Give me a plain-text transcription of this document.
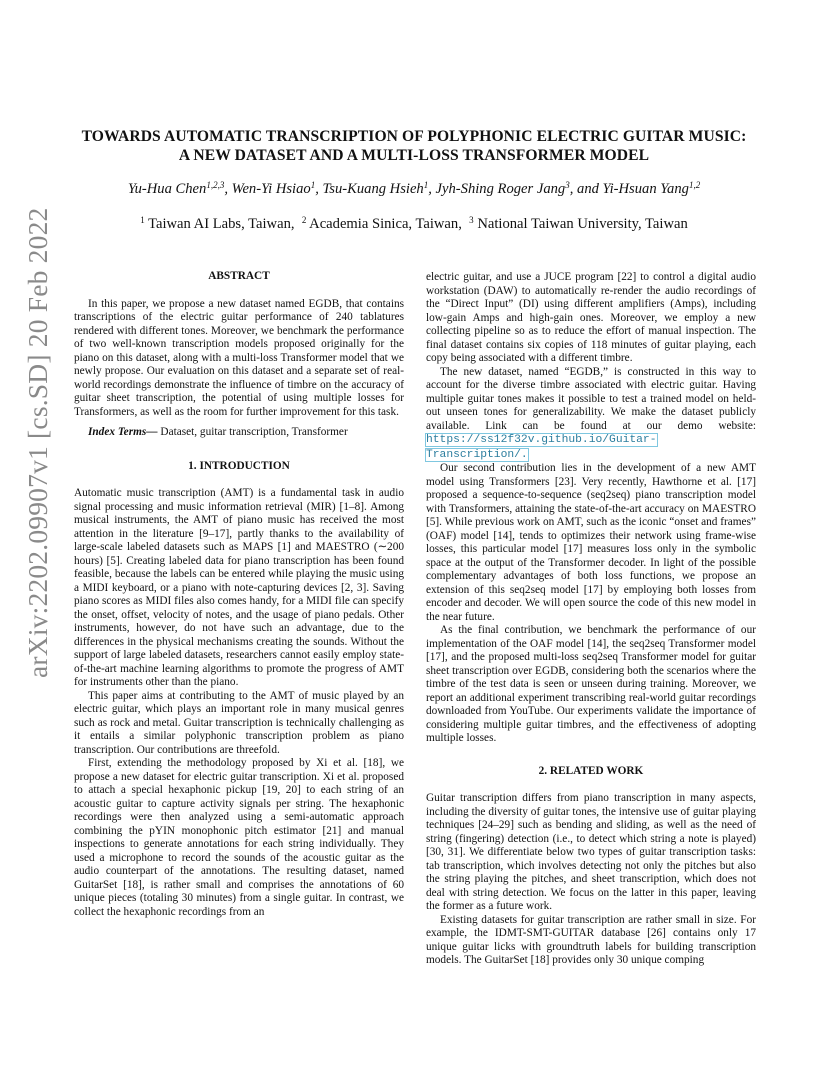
arXiv:2202.09907v1 [cs.SD] 20 Feb 2022
TOWARDS AUTOMATIC TRANSCRIPTION OF POLYPHONIC ELECTRIC GUITAR MUSIC:
A NEW DATASET AND A MULTI-LOSS TRANSFORMER MODEL
Yu-Hua Chen$^{1,2,3}$, Wen-Yi Hsiao$^1$, Tsu-Kuang Hsieh$^1$, Jyh-Shing Roger Jang$^3$, and Yi-Hsuan Yang$^{1,2}$
$^1$ Taiwan AI Labs, Taiwan, $^2$ Academia Sinica, Taiwan, $^3$ National Taiwan University, Taiwan
ABSTRACT

In this paper, we propose a new dataset named EGDB, that contains transcriptions of the electric guitar performance of 240 tablatures rendered with different tones. Moreover, we benchmark the performance of two well-known transcription models proposed originally for the piano on this dataset, along with a multi-loss Transformer model that we newly propose. Our evaluation on this dataset and a separate set of real-world recordings demonstrate the influence of timbre on the accuracy of guitar sheet transcription, the potential of using multiple losses for Transformers, as well as the room for further improvement for this task.

Index Terms— Dataset, guitar transcription, Transformer

1. INTRODUCTION

Automatic music transcription (AMT) is a fundamental task in audio signal processing and music information retrieval (MIR) [1–8]. Among musical instruments, the AMT of piano music has received the most attention in the literature [9–17], partly thanks to the availability of large-scale labeled datasets such as MAPS [1] and MAESTRO (∼200 hours) [5]. Creating labeled data for piano transcription has been found feasible, because the labels can be entered while playing the music using a MIDI keyboard, or a piano with note-capturing devices [2, 3]. Saving piano scores as MIDI files also comes handy, for a MIDI file can specify the onset, offset, velocity of notes, and the usage of piano pedals. Other instruments, however, do not have such an advantage, due to the differences in the physical mechanisms creating the sounds. Without the support of large labeled datasets, researchers cannot easily employ state-of-the-art machine learning algorithms to promote the progress of AMT for instruments other than the piano.

This paper aims at contributing to the AMT of music played by an electric guitar, which plays an important role in many musical genres such as rock and metal. Guitar transcription is technically challenging as it entails a similar polyphonic transcription problem as piano transcription. Our contributions are threefold.

First, extending the methodology proposed by Xi et al. [18], we propose a new dataset for electric guitar transcription. Xi et al. proposed to attach a special hexaphonic pickup [19, 20] to each string of an acoustic guitar to capture activity signals per string. The hexaphonic recordings were then analyzed using a semi-automatic approach combining the pYIN monophonic pitch estimator [21] and manual inspections to generate annotations for each string individually. They used a microphone to record the sounds of the acoustic guitar as the audio counterpart of the annotations. The resulting dataset, named GuitarSet [18], is rather small and comprises the annotations of 60 unique pieces (totaling 30 minutes) from a single guitar. In contrast, we collect the hexaphonic recordings from an

electric guitar, and use a JUCE program [22] to control a digital audio workstation (DAW) to automatically re-render the audio recordings of the “Direct Input” (DI) using different amplifiers (Amps), including low-gain Amps and high-gain ones. Moreover, we employ a new collecting pipeline so as to reduce the effort of manual inspection. The final dataset contains six copies of 118 minutes of guitar playing, each copy being associated with a different timbre.

The new dataset, named “EGDB,” is constructed in this way to account for the diverse timbre associated with electric guitar. Having multiple guitar tones makes it possible to test a trained model on held-out unseen tones for generalizability. We make the dataset publicly available. Link can be found at our demo website: https://ss12f32v.github.io/Guitar-Transcription/.

Our second contribution lies in the development of a new AMT model using Transformers [23]. Very recently, Hawthorne et al. [17] proposed a sequence-to-sequence (seq2seq) piano transcription model with Transformers, attaining the state-of-the-art accuracy on MAESTRO [5]. While previous work on AMT, such as the iconic “onset and frames” (OAF) model [14], tends to optimizes their network using frame-wise losses, this particular model [17] measures loss only in the symbolic space at the output of the Transformer decoder. In light of the possible complementary advantages of both loss functions, we propose an extension of this seq2seq model [17] by employing both losses from encoder and decoder. We will open source the code of this new model in the near future.

As the final contribution, we benchmark the performance of our implementation of the OAF model [14], the seq2seq Transformer model [17], and the proposed multi-loss seq2seq Transformer model for guitar sheet transcription over EGDB, considering both the scenarios where the timbre of the test data is seen or unseen during training. Moreover, we report an additional experiment transcribing real-world guitar recordings downloaded from YouTube. Our experiments validate the importance of considering multiple guitar timbres, and the effectiveness of adopting multiple losses.

2. RELATED WORK

Guitar transcription differs from piano transcription in many aspects, including the diversity of guitar tones, the intensive use of guitar playing techniques [24–29] such as bending and sliding, as well as the need of string (fingering) detection (i.e., to detect which string a note is played) [30, 31]. We differentiate below two types of guitar transcription tasks: tab transcription, which involves detecting not only the pitches but also the string playing the pitches, and sheet transcription, which does not deal with string detection. We focus on the latter in this paper, leaving the former as a future work.

Existing datasets for guitar transcription are rather small in size. For example, the IDMT-SMT-GUITAR database [26] contains only 17 unique guitar licks with groundtruth labels for building transcription models. The GuitarSet [18] provides only 30 unique comping
